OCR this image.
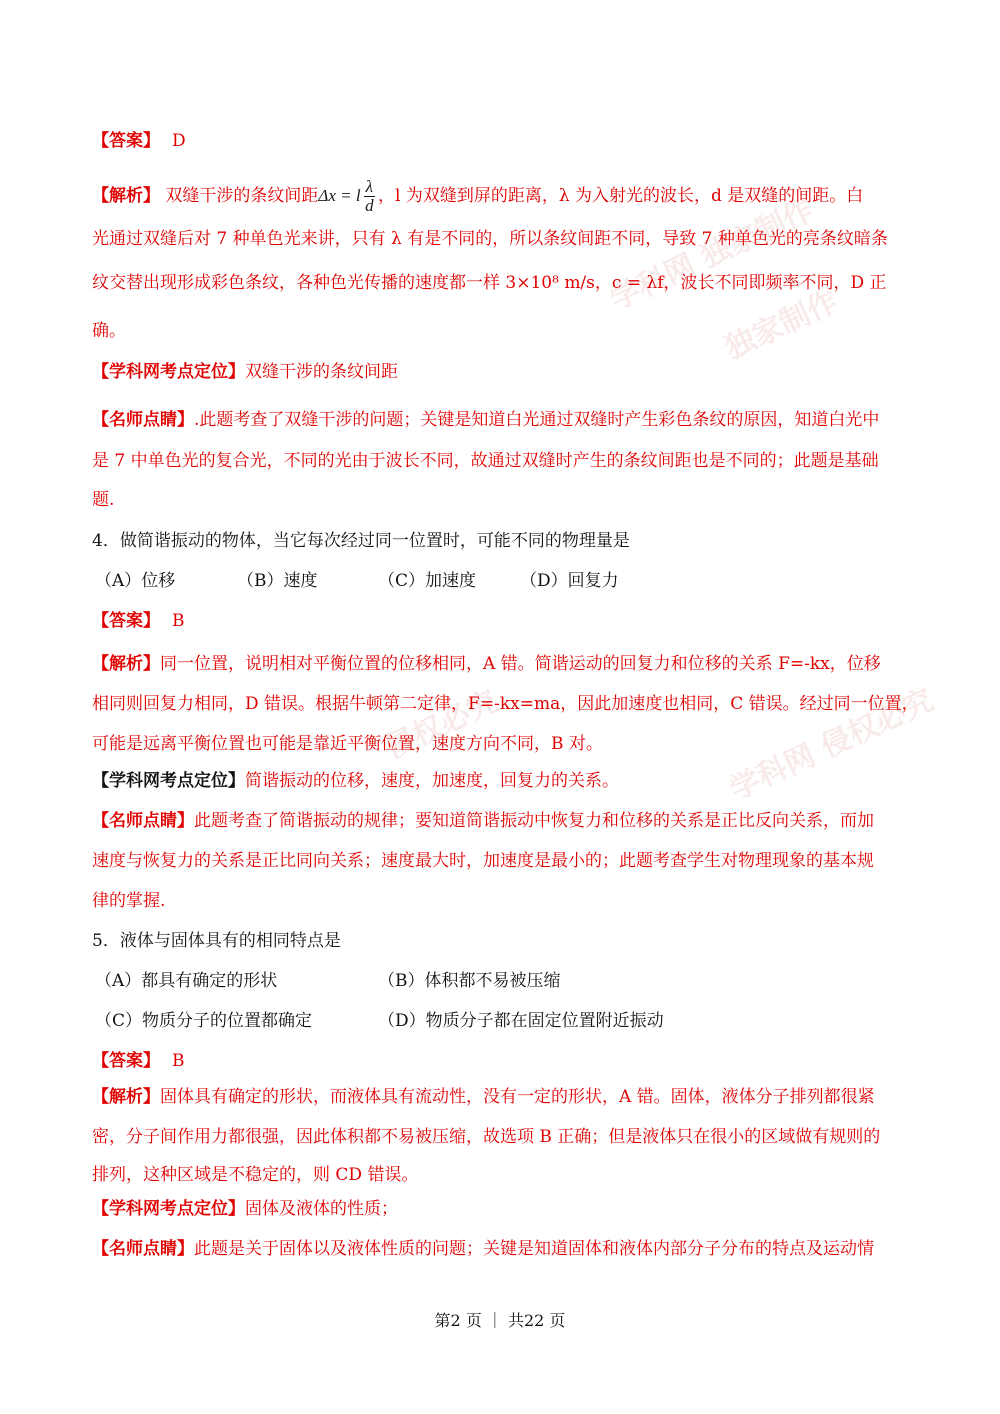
学科网 独家制作
独家制作
侵权必究
学科网 侵权必究
【答案】 D
【解析】 双缝干涉的条纹间距Δx = l $\frac{\lambda}{d}$ ，l 为双缝到屏的距离，λ 为入射光的波长，d 是双缝的间距。白
光通过双缝后对 7 种单色光来讲，只有 λ 有是不同的，所以条纹间距不同，导致 7 种单色光的亮条纹暗条
纹交替出现形成彩色条纹，各种色光传播的速度都一样 3×10⁸ m/s，c = λf，波长不同即频率不同，D 正
确。
【学科网考点定位】双缝干涉的条纹间距
【名师点睛】.此题考查了双缝干涉的问题；关键是知道白光通过双缝时产生彩色条纹的原因，知道白光中
是 7 中单色光的复合光，不同的光由于波长不同，故通过双缝时产生的条纹间距也是不同的；此题是基础
题.
4．做简谐振动的物体，当它每次经过同一位置时，可能不同的物理量是
（A）位移	（B）速度	（C）加速度	（D）回复力
【答案】 B
【解析】同一位置，说明相对平衡位置的位移相同，A 错。简谐运动的回复力和位移的关系 F=-kx，位移
相同则回复力相同，D 错误。根据牛顿第二定律，F=-kx=ma，因此加速度也相同，C 错误。经过同一位置，
可能是远离平衡位置也可能是靠近平衡位置，速度方向不同，B 对。
【学科网考点定位】简谐振动的位移，速度，加速度，回复力的关系。
【名师点睛】此题考查了简谐振动的规律；要知道简谐振动中恢复力和位移的关系是正比反向关系，而加
速度与恢复力的关系是正比同向关系；速度最大时，加速度是最小的；此题考查学生对物理现象的基本规
律的掌握.
5．液体与固体具有的相同特点是
（A）都具有确定的形状	（B）体积都不易被压缩
（C）物质分子的位置都确定	（D）物质分子都在固定位置附近振动
【答案】 B
【解析】固体具有确定的形状，而液体具有流动性，没有一定的形状，A 错。固体，液体分子排列都很紧
密，分子间作用力都很强，因此体积都不易被压缩，故选项 B 正确；但是液体只在很小的区域做有规则的
排列，这种区域是不稳定的，则 CD 错误。
【学科网考点定位】固体及液体的性质；
【名师点睛】此题是关于固体以及液体性质的问题；关键是知道固体和液体内部分子分布的特点及运动情
第2 页 ｜ 共22 页
